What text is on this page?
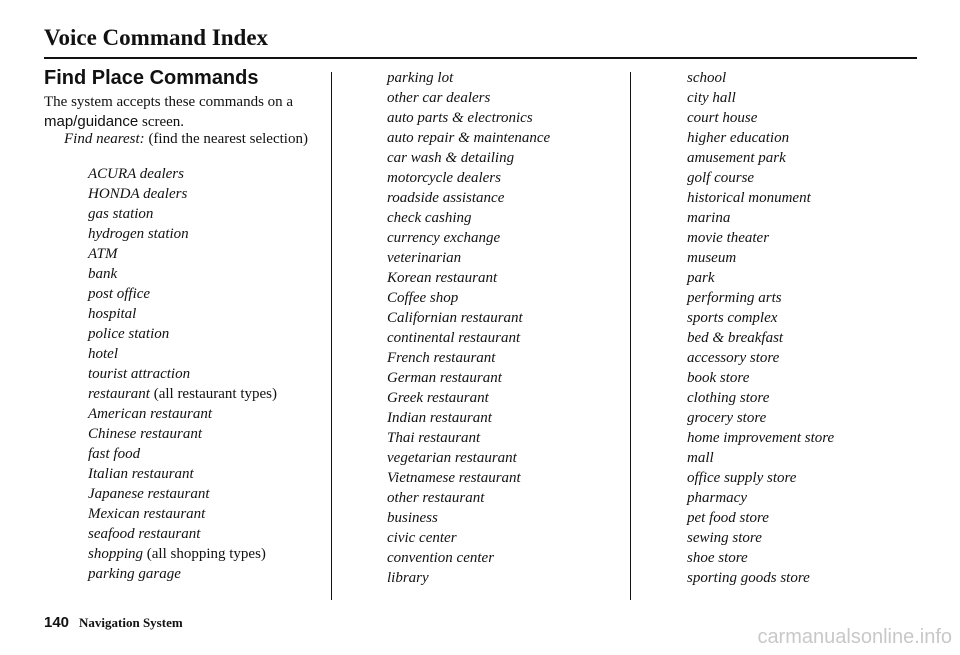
Voice Command Index
Find Place Commands
The system accepts these commands on a map/guidance screen.
Find nearest: (find the nearest selection)
ACURA dealers
HONDA dealers
gas station
hydrogen station
ATM
bank
post office
hospital
police station
hotel
tourist attraction
restaurant (all restaurant types)
American restaurant
Chinese restaurant
fast food
Italian restaurant
Japanese restaurant
Mexican restaurant
seafood restaurant
shopping (all shopping types)
parking garage
parking lot
other car dealers
auto parts & electronics
auto repair & maintenance
car wash & detailing
motorcycle dealers
roadside assistance
check cashing
currency exchange
veterinarian
Korean restaurant
Coffee shop
Californian restaurant
continental restaurant
French restaurant
German restaurant
Greek restaurant
Indian restaurant
Thai restaurant
vegetarian restaurant
Vietnamese restaurant
other restaurant
business
civic center
convention center
library
school
city hall
court house
higher education
amusement park
golf course
historical monument
marina
movie theater
museum
park
performing arts
sports complex
bed & breakfast
accessory store
book store
clothing store
grocery store
home improvement store
mall
office supply store
pharmacy
pet food store
sewing store
shoe store
sporting goods store
140 Navigation System
carmanualsonline.info
